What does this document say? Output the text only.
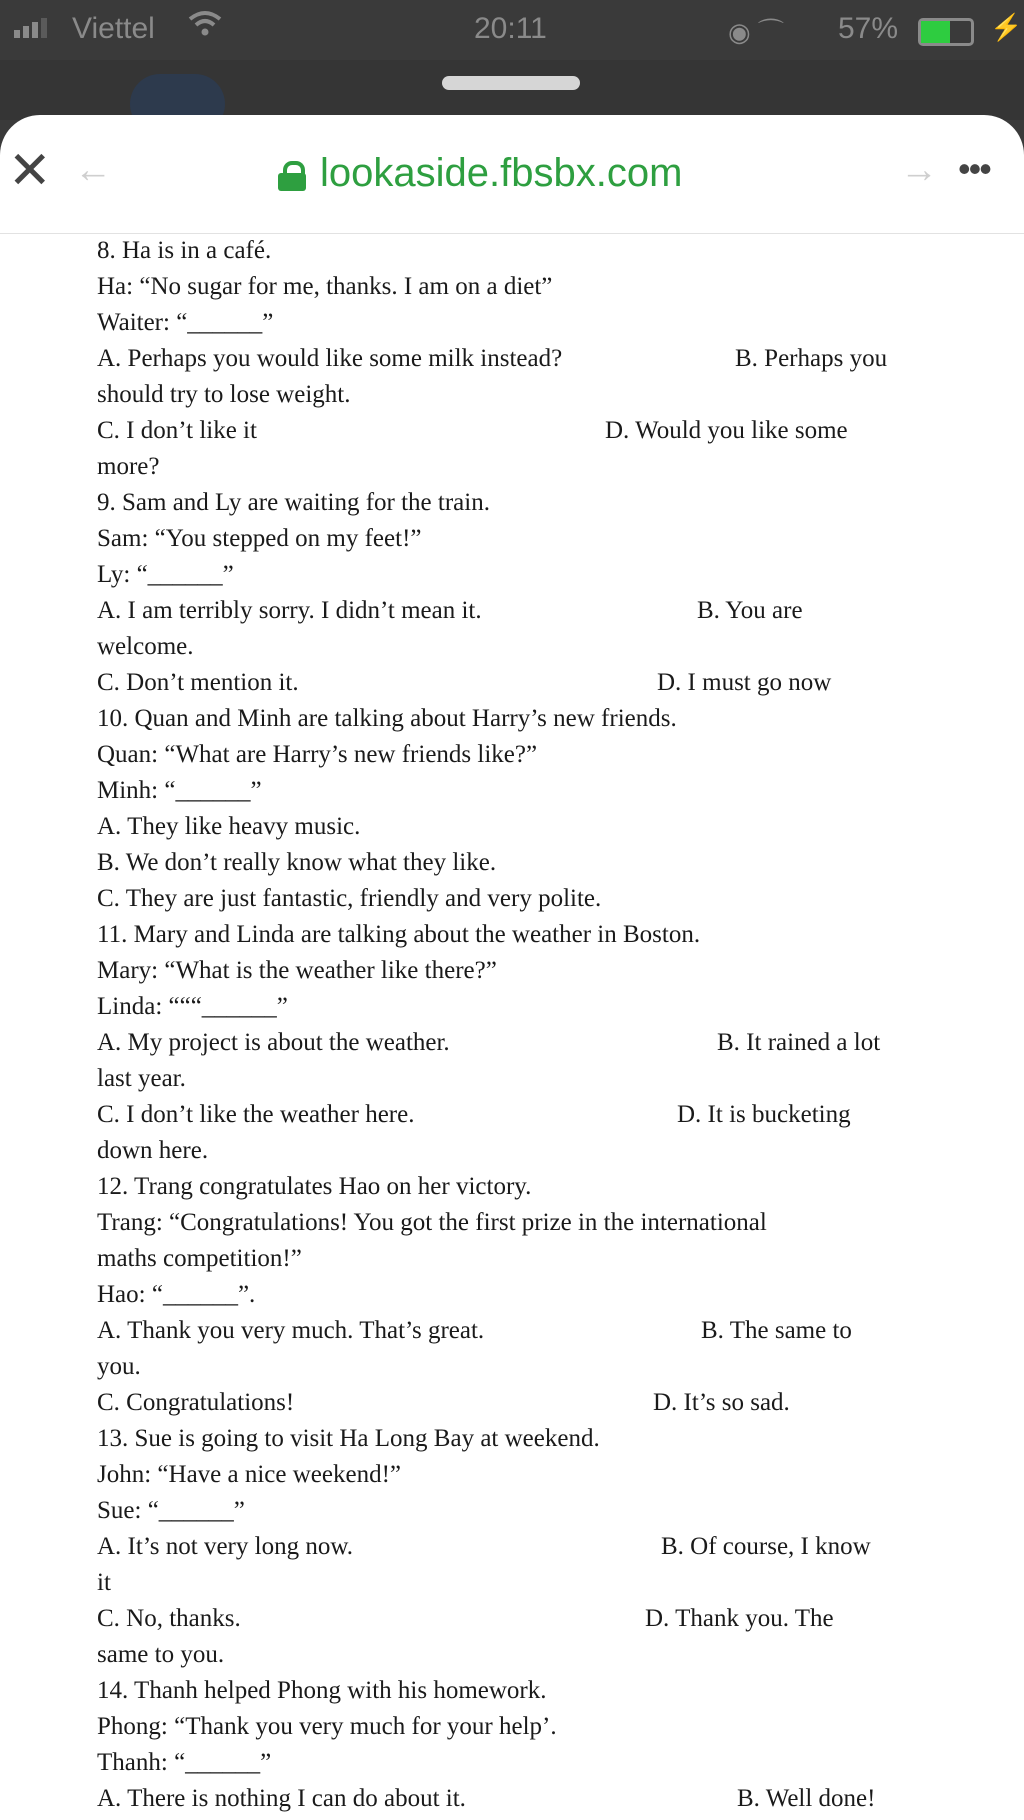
Viettel	20:11	◉ ⌒ 57%	⚡
✕ ←	lookaside.fbsbx.com	→ •••
8. Ha is in a café.
Ha: “No sugar for me, thanks. I am on a diet”
Waiter: “______”
A. Perhaps you would like some milk instead?	B. Perhaps you
should try to lose weight.
C. I don’t like it	D. Would you like some
more?
9. Sam and Ly are waiting for the train.
Sam: “You stepped on my feet!”
Ly: “______”
A. I am terribly sorry. I didn’t mean it.	B. You are
welcome.
C. Don’t mention it.	D. I must go now
10. Quan and Minh are talking about Harry’s new friends.
Quan: “What are Harry’s new friends like?”
Minh: “______”
A. They like heavy music.
B. We don’t really know what they like.
C. They are just fantastic, friendly and very polite.
11. Mary and Linda are talking about the weather in Boston.
Mary: “What is the weather like there?”
Linda: “““______”
A. My project is about the weather.	B. It rained a lot
last year.
C. I don’t like the weather here.	D. It is bucketing
down here.
12. Trang congratulates Hao on her victory.
Trang: “Congratulations! You got the first prize in the international
maths competition!”
Hao: “______”.
A. Thank you very much. That’s great.	B. The same to
you.
C. Congratulations!	D. It’s so sad.
13. Sue is going to visit Ha Long Bay at weekend.
John: “Have a nice weekend!”
Sue: “______”
A. It’s not very long now.	B. Of course, I know
it
C. No, thanks.	D. Thank you. The
same to you.
14. Thanh helped Phong with his homework.
Phong: “Thank you very much for your help’.
Thanh: “______”
A. There is nothing I can do about it.	B. Well done!
